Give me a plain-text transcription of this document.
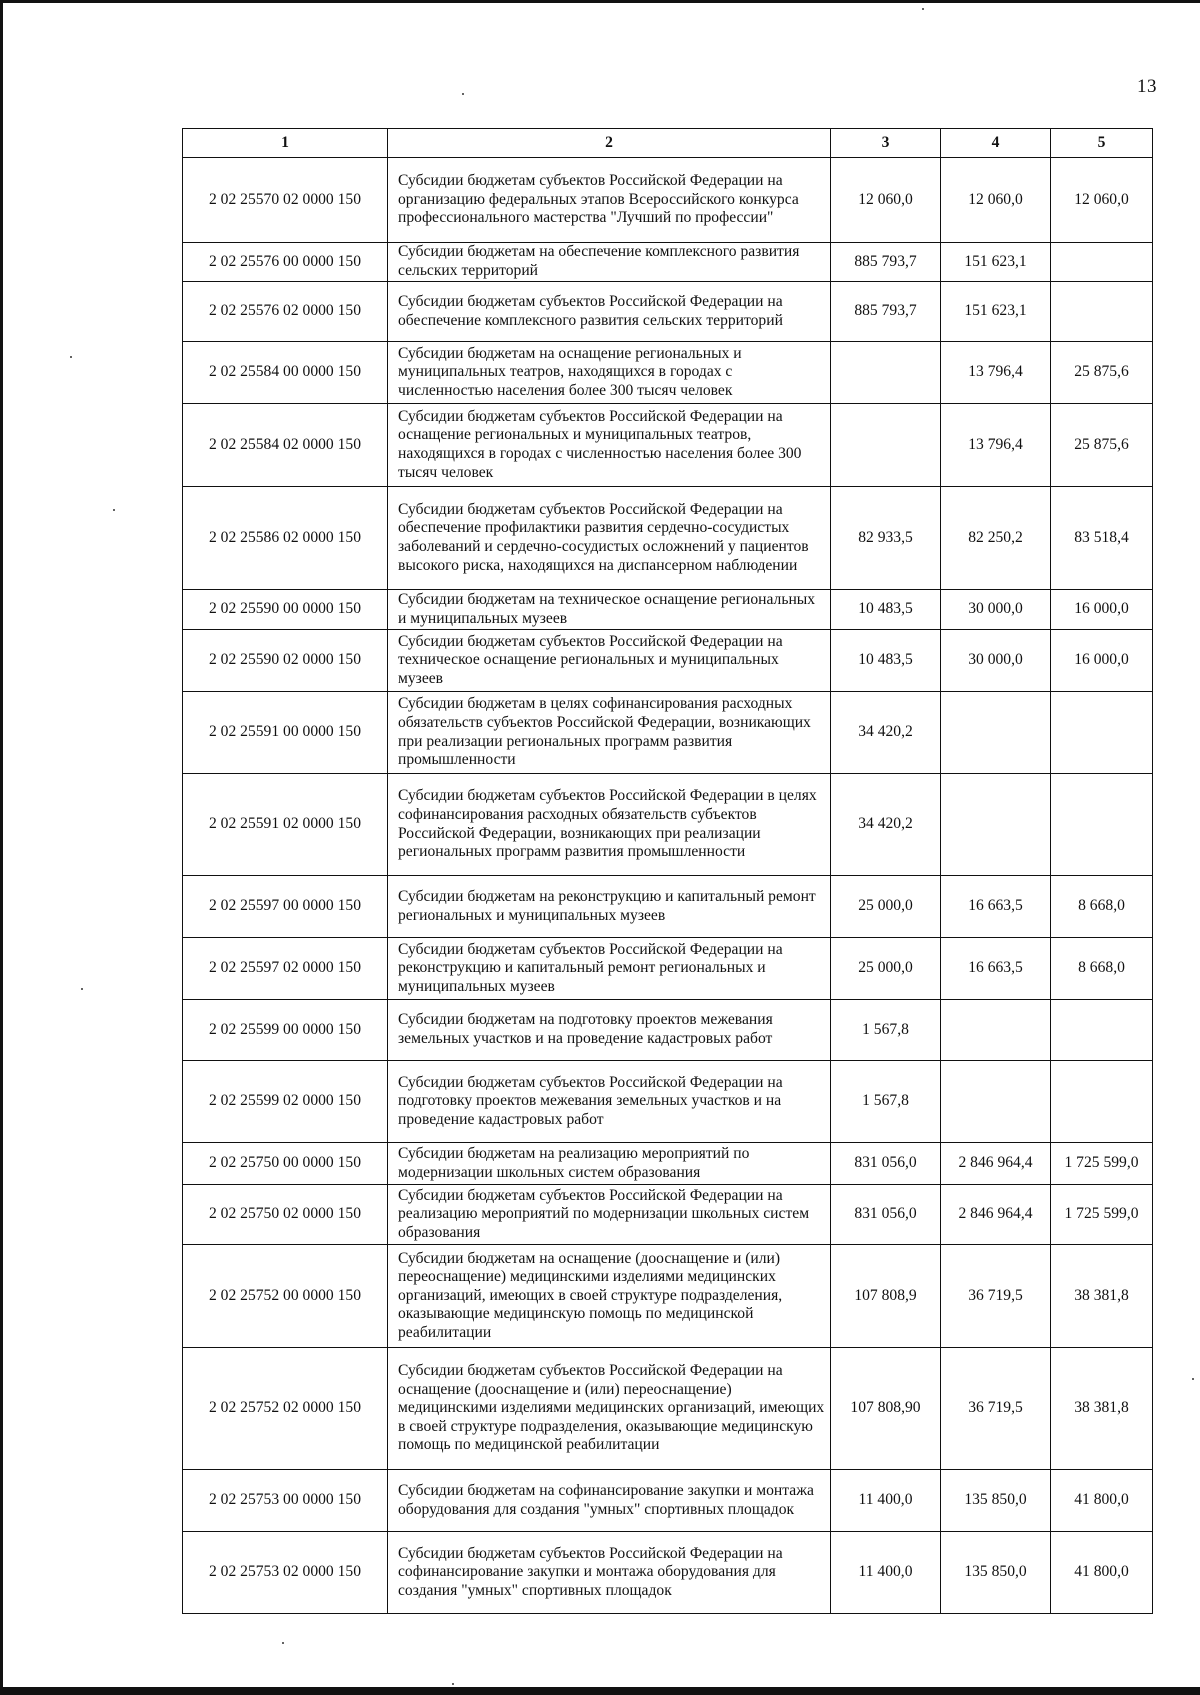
13
1	2	3	4	5
2 02 25570 02 0000 150	Субсидии бюджетам субъектов Российской Федерации на организацию федеральных этапов Всероссийского конкурса профессионального мастерства "Лучший по профессии"	12 060,0	12 060,0	12 060,0
2 02 25576 00 0000 150	Субсидии бюджетам на обеспечение комплексного развития сельских территорий	885 793,7	151 623,1	
2 02 25576 02 0000 150	Субсидии бюджетам субъектов Российской Федерации на обеспечение комплексного развития сельских территорий	885 793,7	151 623,1	
2 02 25584 00 0000 150	Субсидии бюджетам на оснащение региональных и муниципальных театров, находящихся в городах с численностью населения более 300 тысяч человек		13 796,4	25 875,6
2 02 25584 02 0000 150	Субсидии бюджетам субъектов Российской Федерации на оснащение региональных и муниципальных театров, находящихся в городах с численностью населения более 300 тысяч человек		13 796,4	25 875,6
2 02 25586 02 0000 150	Субсидии бюджетам субъектов Российской Федерации на обеспечение профилактики развития сердечно-сосудистых заболеваний и сердечно-сосудистых осложнений у пациентов высокого риска, находящихся на диспансерном наблюдении	82 933,5	82 250,2	83 518,4
2 02 25590 00 0000 150	Субсидии бюджетам на техническое оснащение региональных и муниципальных музеев	10 483,5	30 000,0	16 000,0
2 02 25590 02 0000 150	Субсидии бюджетам субъектов Российской Федерации на техническое оснащение региональных и муниципальных музеев	10 483,5	30 000,0	16 000,0
2 02 25591 00 0000 150	Субсидии бюджетам в целях софинансирования расходных обязательств субъектов Российской Федерации, возникающих при реализации региональных программ развития промышленности	34 420,2		
2 02 25591 02 0000 150	Субсидии бюджетам субъектов Российской Федерации в целях софинансирования расходных обязательств субъектов Российской Федерации, возникающих при реализации региональных программ развития промышленности	34 420,2		
2 02 25597 00 0000 150	Субсидии бюджетам на реконструкцию и капитальный ремонт региональных и муниципальных музеев	25 000,0	16 663,5	8 668,0
2 02 25597 02 0000 150	Субсидии бюджетам субъектов Российской Федерации на реконструкцию и капитальный ремонт региональных и муниципальных музеев	25 000,0	16 663,5	8 668,0
2 02 25599 00 0000 150	Субсидии бюджетам на подготовку проектов межевания земельных участков и на проведение кадастровых работ	1 567,8		
2 02 25599 02 0000 150	Субсидии бюджетам субъектов Российской Федерации на подготовку проектов межевания земельных участков и на проведение кадастровых работ	1 567,8		
2 02 25750 00 0000 150	Субсидии бюджетам на реализацию мероприятий по модернизации школьных систем образования	831 056,0	2 846 964,4	1 725 599,0
2 02 25750 02 0000 150	Субсидии бюджетам субъектов Российской Федерации на реализацию мероприятий по модернизации школьных систем образования	831 056,0	2 846 964,4	1 725 599,0
2 02 25752 00 0000 150	Субсидии бюджетам на оснащение (дооснащение и (или) переоснащение) медицинскими изделиями медицинских организаций, имеющих в своей структуре подразделения, оказывающие медицинскую помощь по медицинской реабилитации	107 808,9	36 719,5	38 381,8
2 02 25752 02 0000 150	Субсидии бюджетам субъектов Российской Федерации на оснащение (дооснащение и (или) переоснащение) медицинскими изделиями медицинских организаций, имеющих в своей структуре подразделения, оказывающие медицинскую помощь по медицинской реабилитации	107 808,90	36 719,5	38 381,8
2 02 25753 00 0000 150	Субсидии бюджетам на софинансирование закупки и монтажа оборудования для создания "умных" спортивных площадок	11 400,0	135 850,0	41 800,0
2 02 25753 02 0000 150	Субсидии бюджетам субъектов Российской Федерации на софинансирование закупки и монтажа оборудования для создания "умных" спортивных площадок	11 400,0	135 850,0	41 800,0
